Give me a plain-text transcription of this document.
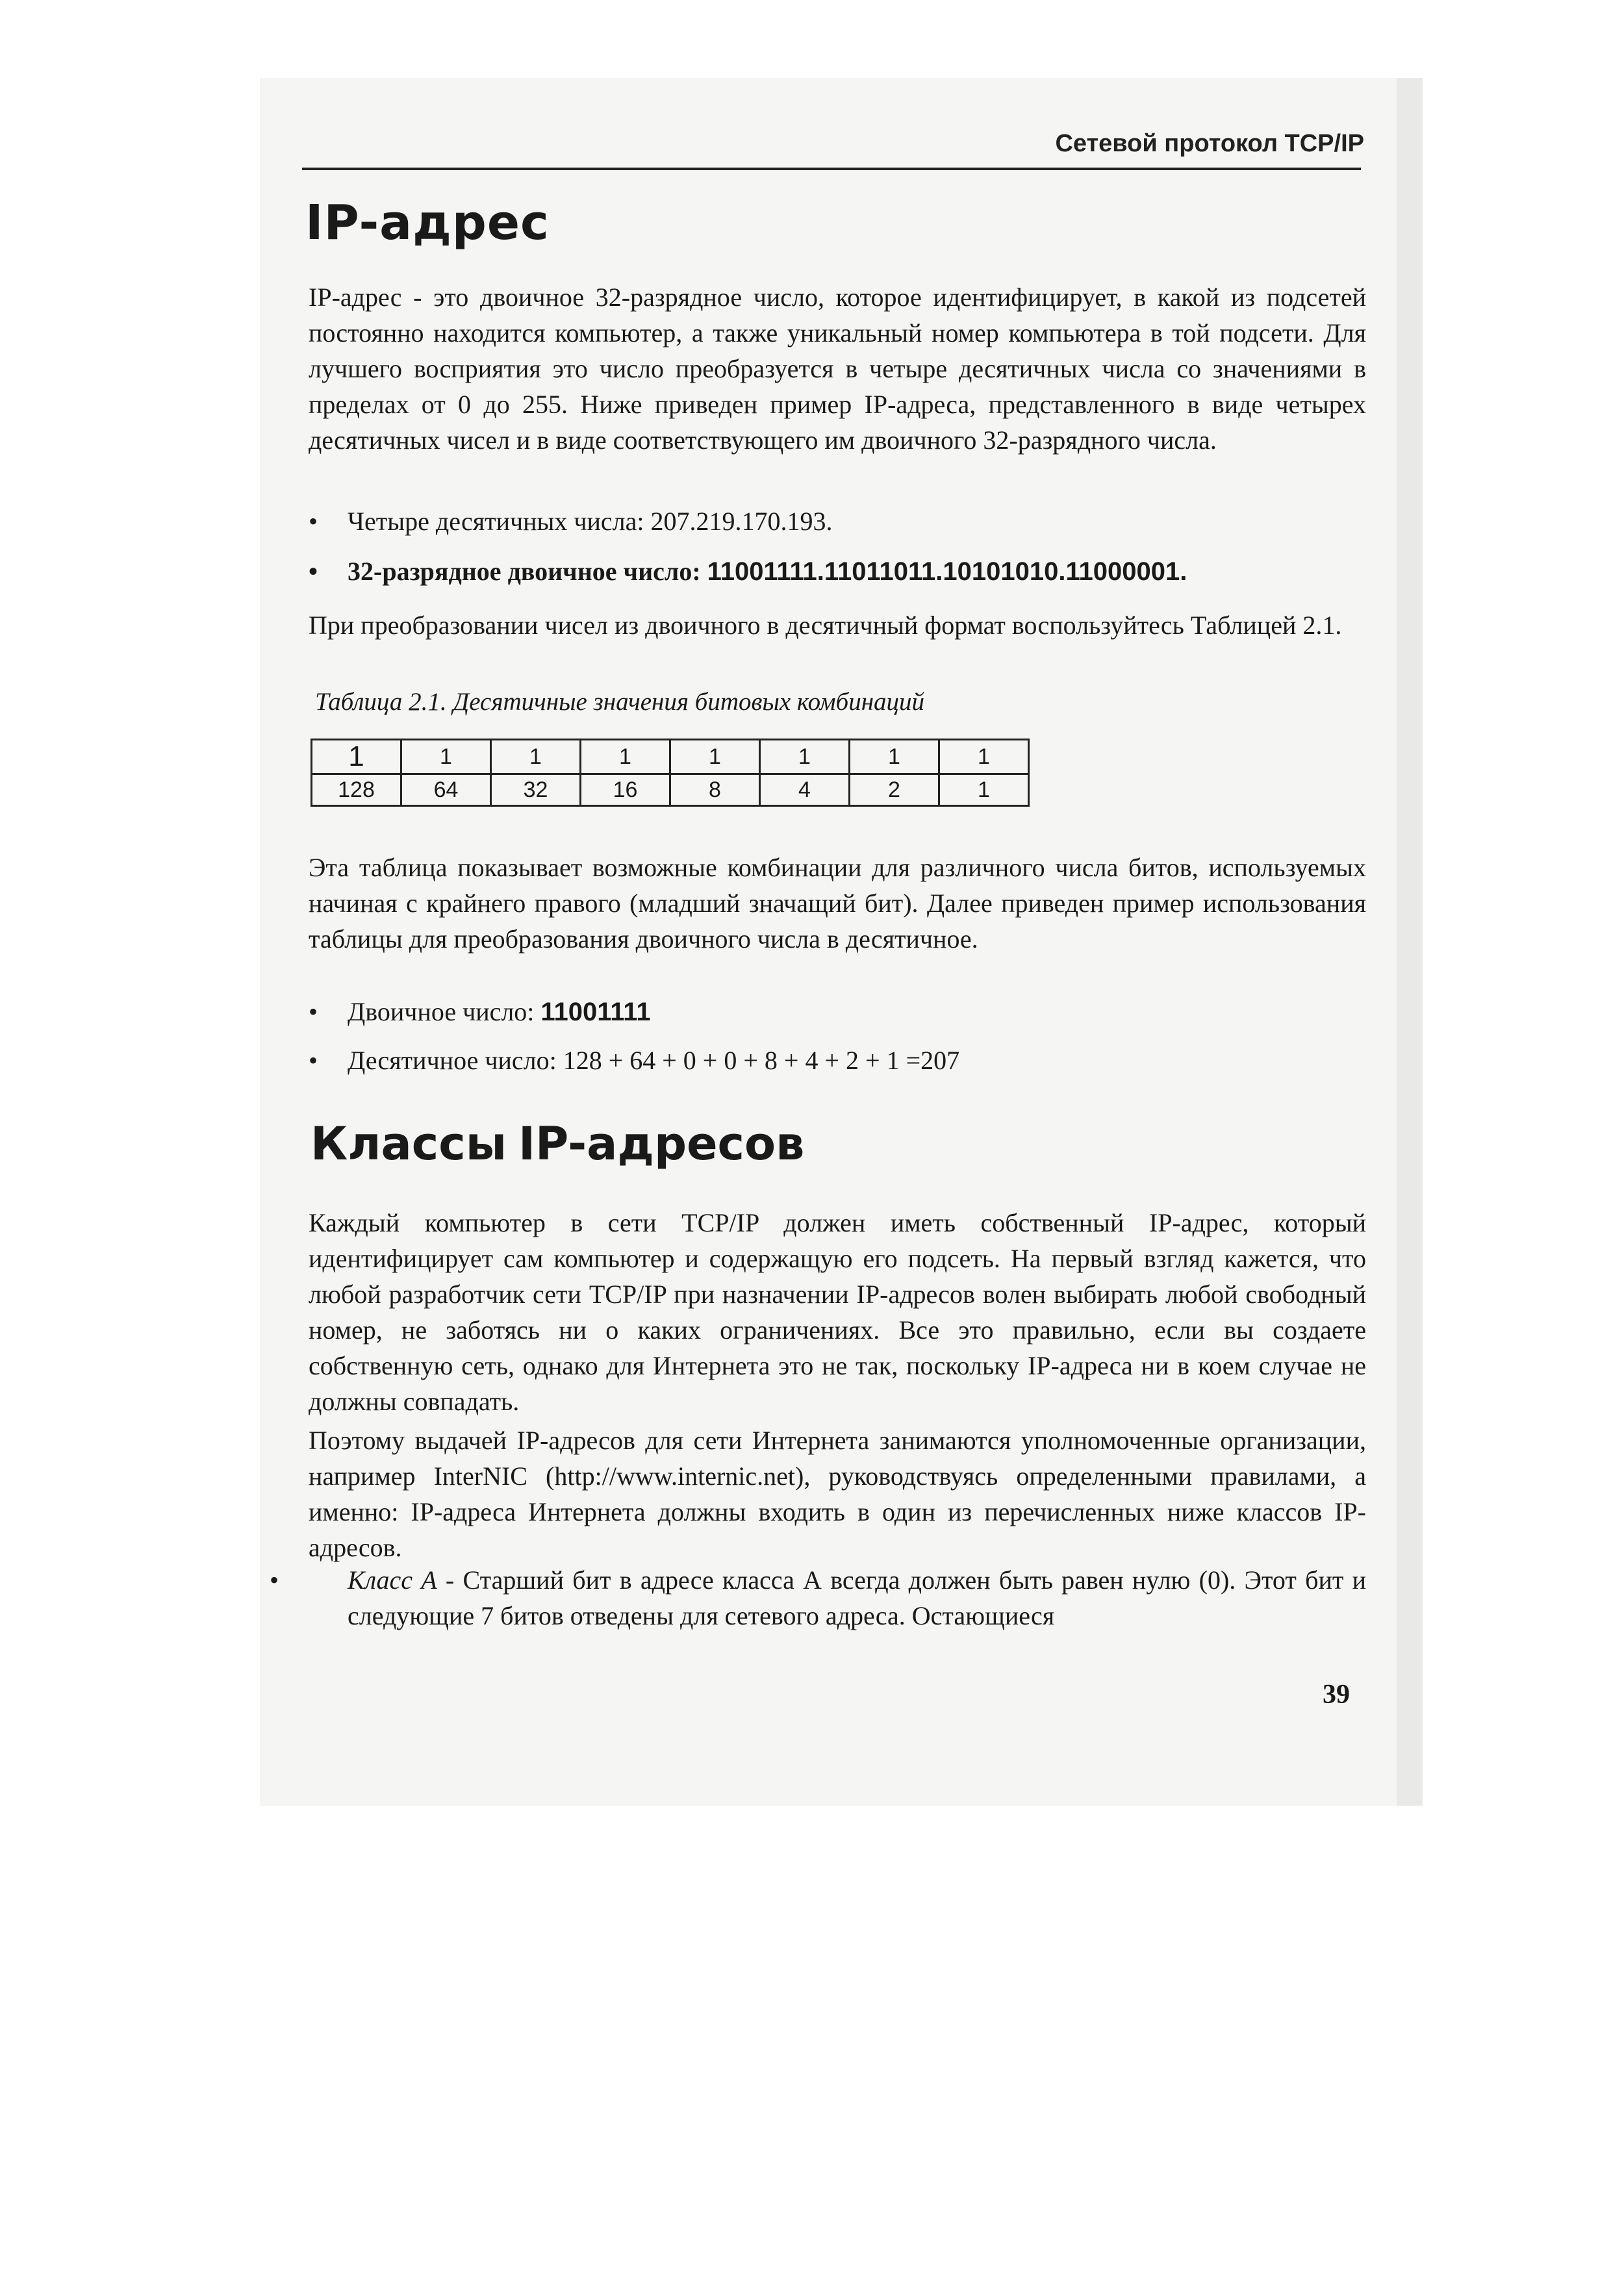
Сетевой протокол TCP/IP
IP-адрес
IP-адрес - это двоичное 32-разрядное число, которое идентифицирует, в какой из подсетей постоянно находится компьютер, а также уникальный номер компьютера в той подсети. Для лучшего восприятия это число преобразуется в четыре десятичных числа со значениями в пределах от 0 до 255. Ниже приведен пример IP-адреса, представленного в виде четырех десятичных чисел и в виде соответствующего им двоичного 32-разрядного числа.
• Четыре десятичных числа: 207.219.170.193.
• 32-разрядное двоичное число: 11001111.11011011.10101010.11000001.
При преобразовании чисел из двоичного в десятичный формат воспользуйтесь Таблицей 2.1.
Таблица 2.1. Десятичные значения битовых комбинаций
1	1	1	1	1	1	1	1
128	64	32	16	8	4	2	1
Эта таблица показывает возможные комбинации для различного числа битов, используемых начиная с крайнего правого (младший значащий бит). Далее приведен пример использования таблицы для преобразования двоичного числа в десятичное.
• Двоичное число: 11001111
• Десятичное число: 128 + 64 + 0 + 0 + 8 + 4 + 2 + 1 =207
Классы IP-адресов
Каждый компьютер в сети TCP/IP должен иметь собственный IP-адрес, который идентифицирует сам компьютер и содержащую его подсеть. На первый взгляд кажется, что любой разработчик сети TCP/IP при назначении IP-адресов волен выбирать любой свободный номер, не заботясь ни о каких ограничениях. Все это правильно, если вы создаете собственную сеть, однако для Интернета это не так, поскольку IP-адреса ни в коем случае не должны совпадать.
Поэтому выдачей IP-адресов для сети Интернета занимаются уполномоченные организации, например InterNIC (http://www.internic.net), руководствуясь определенными правилами, а именно: IP-адреса Интернета должны входить в один из перечисленных ниже классов IP-адресов.
•	Класс А - Старший бит в адресе класса А всегда должен быть равен нулю (0). Этот бит и следующие 7 битов отведены для сетевого адреса. Остающиеся
39
